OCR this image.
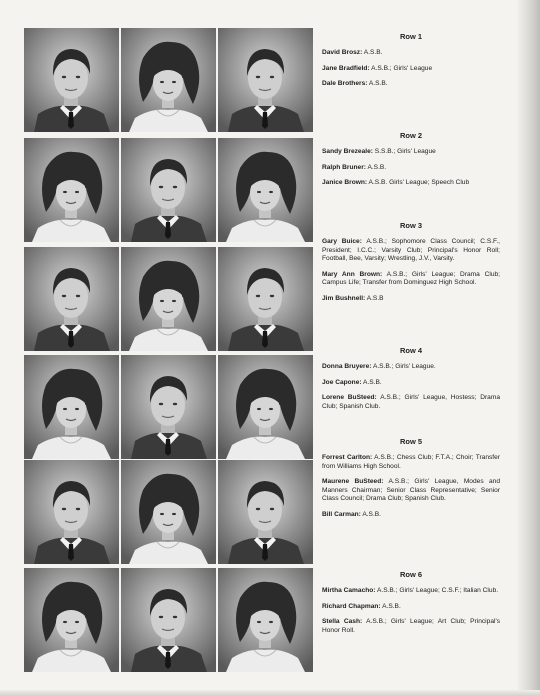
Row 1
David Brosz: A.S.B.
Jane Bradfield: A.S.B.; Girls' League
Dale Brothers: A.S.B.
Row 2
Sandy Brezeale: S.S.B.; Girls' League
Ralph Bruner: A.S.B.
Janice Brown: A.S.B. Girls' League; Speech Club
Row 3
Gary Buice: A.S.B.; Sophomore Class Council; C.S.F., President; I.C.C.; Varsity Club; Principal's Honor Roll; Football, Bee, Varsity; Wrestling, J.V., Varsity.
Mary Ann Brown: A.S.B.; Girls' League; Drama Club; Campus Life; Transfer from Dominguez High School.
Jim Bushnell: A.S.B
Row 4
Donna Bruyere: A.S.B.; Girls' League.
Joe Capone: A.S.B.
Lorene BuSteed: A.S.B.; Girls' League, Hostess; Drama Club; Spanish Club.
Row 5
Forrest Carlton: A.S.B.; Chess Club; F.T.A.; Choir; Transfer from Williams High School.
Maurene BuSteed: A.S.B.; Girls' League, Modes and Manners Chairman; Senior Class Representative; Senior Class Council; Drama Club; Spanish Club.
Bill Carman: A.S.B.
Row 6
Mirtha Camacho: A.S.B.; Girls' League; C.S.F.; Italian Club.
Richard Chapman: A.S.B.
Stella Cash: A.S.B.; Girls' League; Art Club; Principal's Honor Roll.
